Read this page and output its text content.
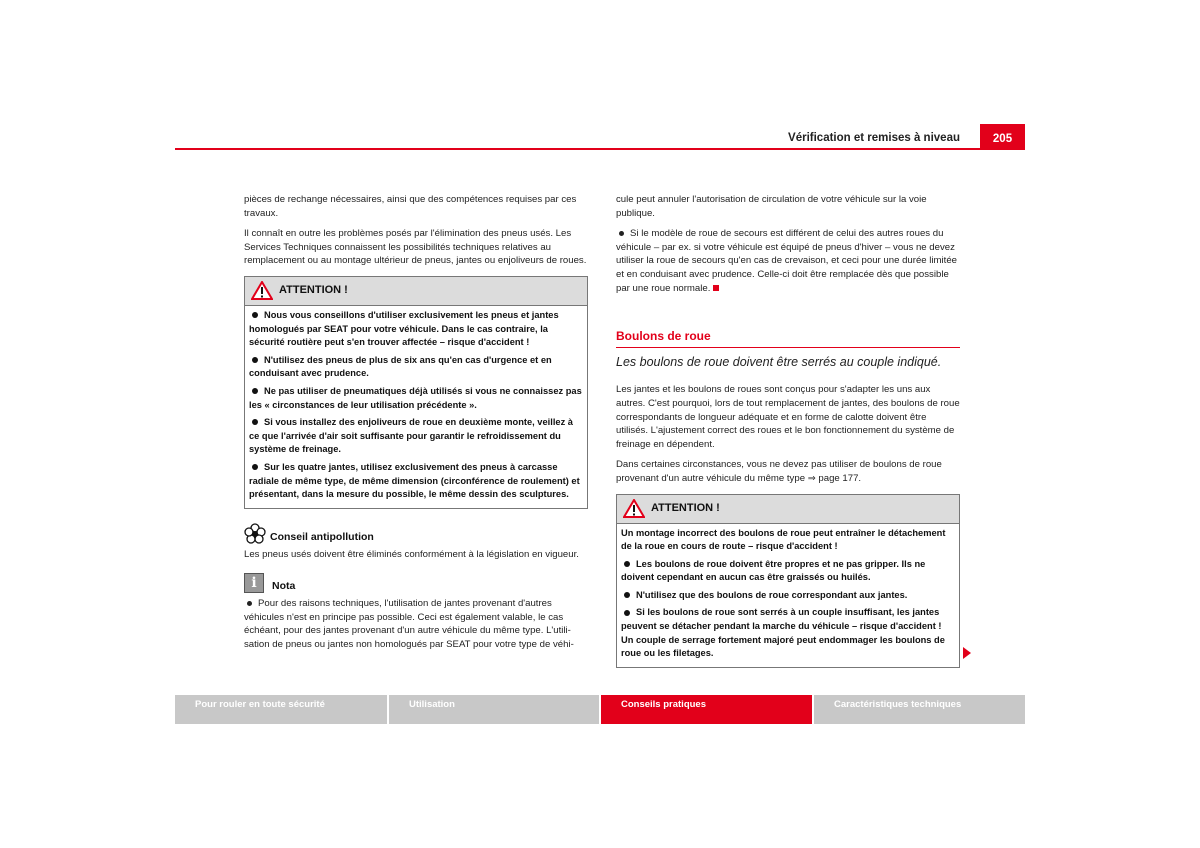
Vérification et remises à niveau	205

pièces de rechange nécessaires, ainsi que des compétences requises par ces travaux.

Il connaît en outre les problèmes posés par l'élimination des pneus usés. Les Services Techniques connaissent les possibilités techniques relatives au remplacement ou au montage ultérieur de pneus, jantes ou enjoliveurs de roues.

ATTENTION !

Nous vous conseillons d'utiliser exclusivement les pneus et jantes homologués par SEAT pour votre véhicule. Dans le cas contraire, la sécurité routière peut s'en trouver affectée – risque d'accident !

N'utilisez des pneus de plus de six ans qu'en cas d'urgence et en conduisant avec prudence.

Ne pas utiliser de pneumatiques déjà utilisés si vous ne connaissez pas les « circonstances de leur utilisation précédente ».

Si vous installez des enjoliveurs de roue en deuxième monte, veillez à ce que l'arrivée d'air soit suffisante pour garantir le refroidissement du système de freinage.

Sur les quatre jantes, utilisez exclusivement des pneus à carcasse radiale de même type, de même dimension (circonférence de roulement) et présentant, dans la mesure du possible, le même dessin des sculptures.

Conseil antipollution

Les pneus usés doivent être éliminés conformément à la législation en vigueur.

i	Nota

Pour des raisons techniques, l'utilisation de jantes provenant d'autres véhicules n'est en principe pas possible. Ceci est également valable, le cas échéant, pour des jantes provenant d'un autre véhicule du même type. L'utili-sation de pneus ou jantes non homologués par SEAT pour votre type de véhi-

cule peut annuler l'autorisation de circulation de votre véhicule sur la voie publique.

Si le modèle de roue de secours est différent de celui des autres roues du véhicule – par ex. si votre véhicule est équipé de pneus d'hiver – vous ne devez utiliser la roue de secours qu'en cas de crevaison, et ceci pour une durée limitée et en conduisant avec prudence. Celle-ci doit être remplacée dès que possible par une roue normale.

Boulons de roue
Les boulons de roue doivent être serrés au couple indiqué.

Les jantes et les boulons de roues sont conçus pour s'adapter les uns aux autres. C'est pourquoi, lors de tout remplacement de jantes, des boulons de roue correspondants de longueur adéquate et en forme de calotte doivent être utilisés. L'ajustement correct des roues et le bon fonctionnement du système de freinage en dépendent.

Dans certaines circonstances, vous ne devez pas utiliser de boulons de roue provenant d'un autre véhicule du même type ⇒ page 177.

ATTENTION !

Un montage incorrect des boulons de roue peut entraîner le détachement de la roue en cours de route – risque d'accident !

Les boulons de roue doivent être propres et ne pas gripper. Ils ne doivent cependant en aucun cas être graissés ou huilés.

N'utilisez que des boulons de roue correspondant aux jantes.

Si les boulons de roue sont serrés à un couple insuffisant, les jantes peuvent se détacher pendant la marche du véhicule – risque d'accident ! Un couple de serrage fortement majoré peut endommager les boulons de roue ou les filetages.

Pour rouler en toute sécurité	Utilisation	Conseils pratiques	Caractéristiques techniques
